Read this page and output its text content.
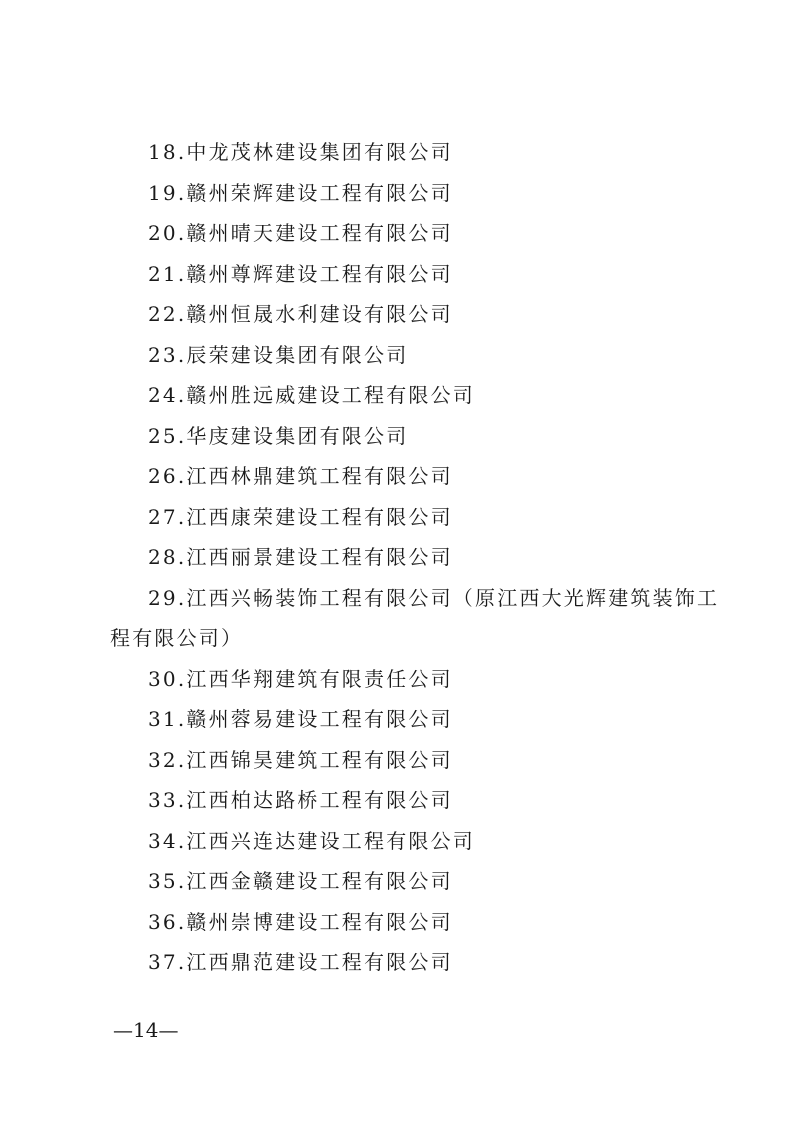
18.中龙茂林建设集团有限公司
19.赣州荣辉建设工程有限公司
20.赣州晴天建设工程有限公司
21.赣州尊辉建设工程有限公司
22.赣州恒晟水利建设有限公司
23.辰荣建设集团有限公司
24.赣州胜远威建设工程有限公司
25.华庋建设集团有限公司
26.江西林鼎建筑工程有限公司
27.江西康荣建设工程有限公司
28.江西丽景建设工程有限公司
29.江西兴畅装饰工程有限公司（原江西大光辉建筑装饰工程有限公司）
30.江西华翔建筑有限责任公司
31.赣州蓉易建设工程有限公司
32.江西锦昊建筑工程有限公司
33.江西柏达路桥工程有限公司
34.江西兴连达建设工程有限公司
35.江西金赣建设工程有限公司
36.赣州崇博建设工程有限公司
37.江西鼎范建设工程有限公司
—14—
